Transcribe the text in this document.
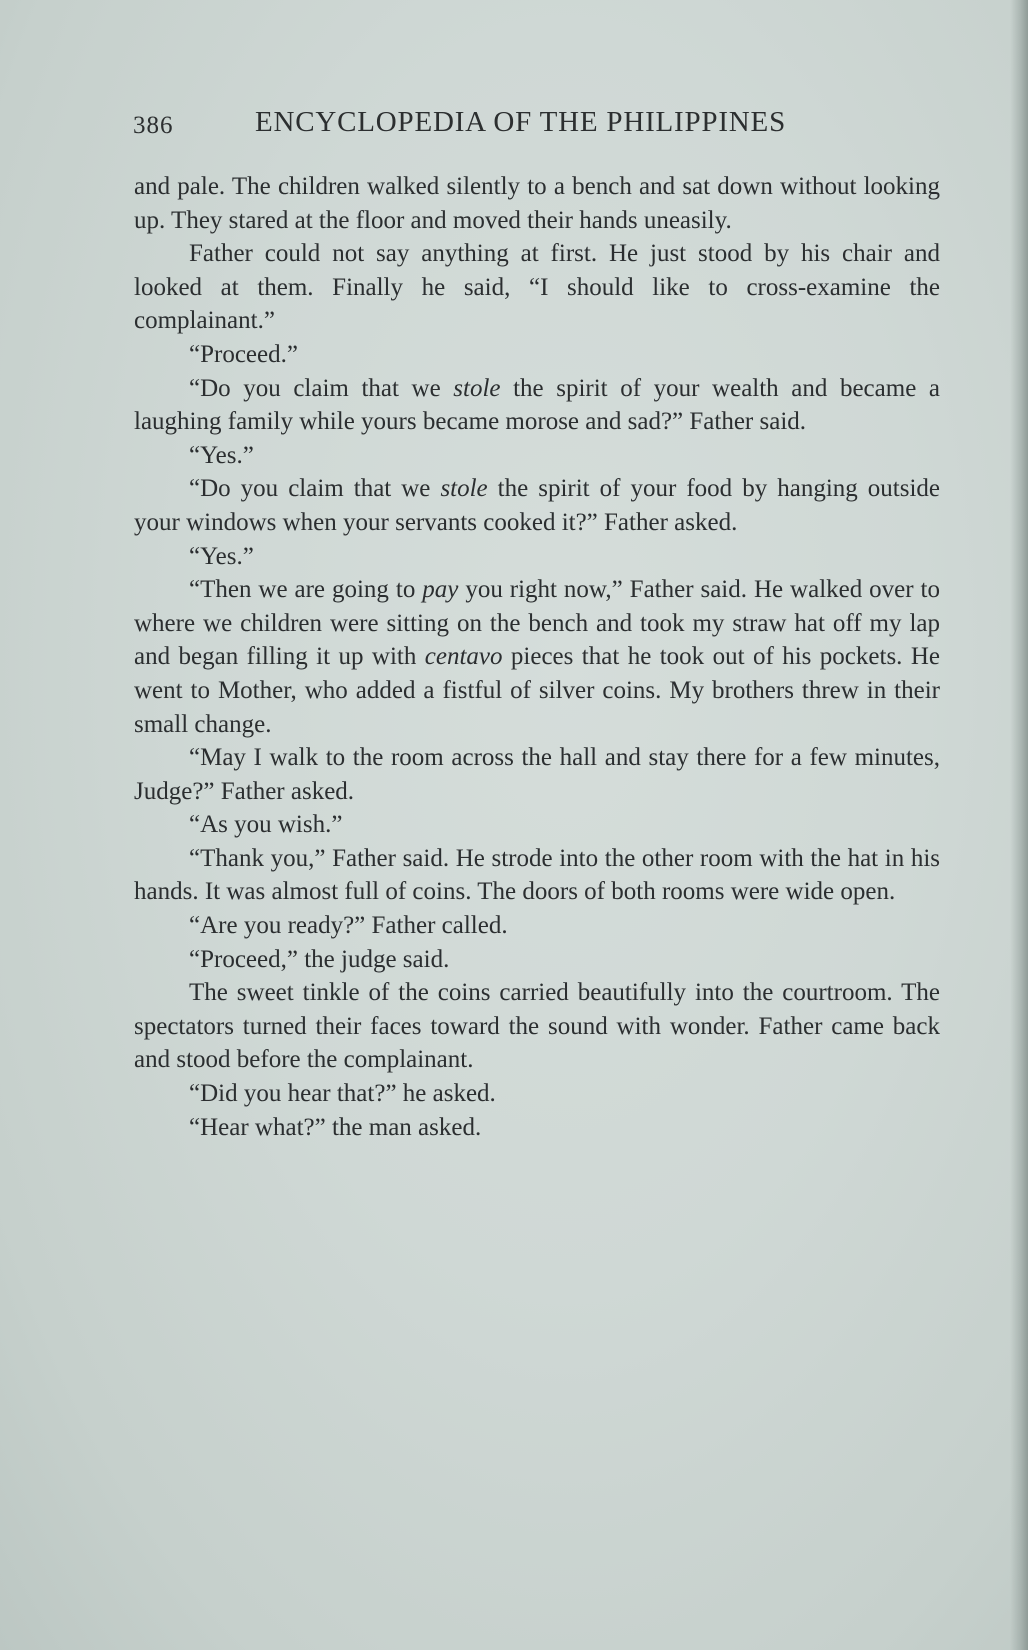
386	ENCYCLOPEDIA OF THE PHILIPPINES

and pale. The children walked silently to a bench and sat down without looking up. They stared at the floor and moved their hands uneasily.

Father could not say anything at first. He just stood by his chair and looked at them. Finally he said, “I should like to cross-examine the complainant.”

“Proceed.”

“Do you claim that we stole the spirit of your wealth and became a laughing family while yours became morose and sad?” Father said.

“Yes.”

“Do you claim that we stole the spirit of your food by hanging outside your windows when your servants cooked it?” Father asked.

“Yes.”

“Then we are going to pay you right now,” Father said. He walked over to where we children were sitting on the bench and took my straw hat off my lap and began filling it up with centavo pieces that he took out of his pockets. He went to Mother, who added a fistful of silver coins. My brothers threw in their small change.

“May I walk to the room across the hall and stay there for a few minutes, Judge?” Father asked.

“As you wish.”

“Thank you,” Father said. He strode into the other room with the hat in his hands. It was almost full of coins. The doors of both rooms were wide open.

“Are you ready?” Father called.

“Proceed,” the judge said.

The sweet tinkle of the coins carried beautifully into the courtroom. The spectators turned their faces toward the sound with wonder. Father came back and stood before the complainant.

“Did you hear that?” he asked.

“Hear what?” the man asked.
